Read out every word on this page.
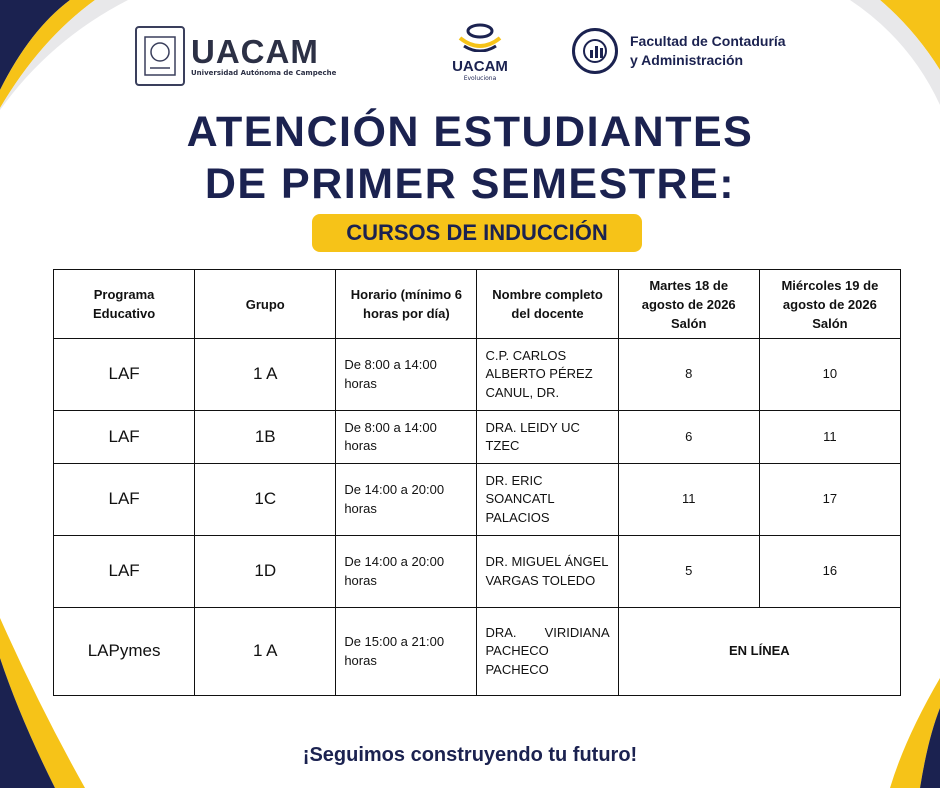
UACAM
Universidad Autónoma de Campeche	UACAM
Evoluciona
Facultad de Contaduría
y Administración
ATENCIÓN ESTUDIANTES
DE PRIMER SEMESTRE:
CURSOS DE INDUCCIÓN
Programa Educativo	Grupo	Horario (mínimo 6 horas por día)	Nombre completo del docente	Martes 18 de agosto de 2026 Salón	Miércoles 19 de agosto de 2026 Salón
LAF	1 A	De 8:00 a 14:00 horas	C.P. CARLOS ALBERTO PÉREZ CANUL, DR.	8	10
LAF	1B	De 8:00 a 14:00 horas	DRA. LEIDY UC TZEC	6	11
LAF	1C	De 14:00 a 20:00 horas	DR. ERIC SOANCATL PALACIOS	11	17
LAF	1D	De 14:00 a 20:00 horas	DR. MIGUEL ÁNGEL VARGAS TOLEDO	5	16
LAPymes	1 A	De 15:00 a 21:00 horas	DRA. VIRIDIANA PACHECO PACHECO	EN LÍNEA	
¡Seguimos construyendo tu futuro!
